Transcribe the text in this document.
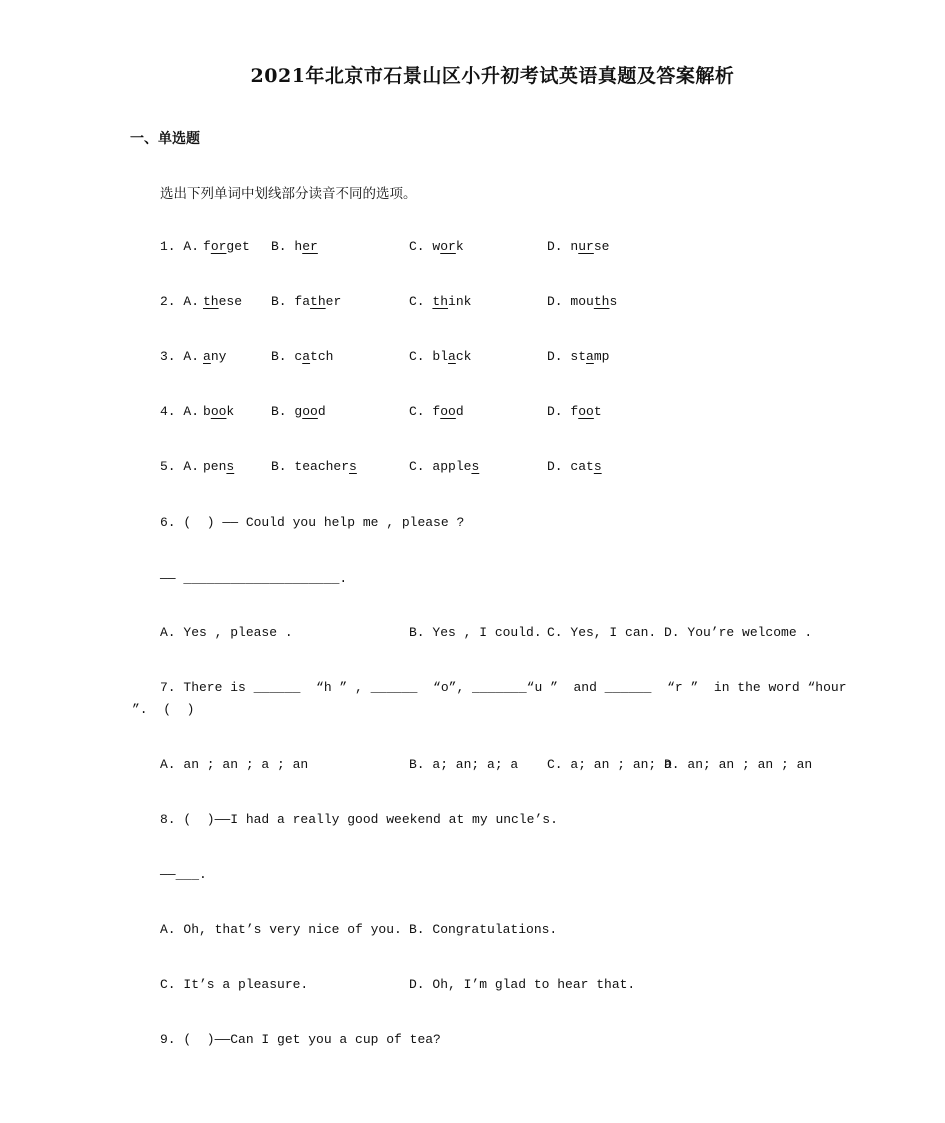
2021年北京市石景山区小升初考试英语真题及答案解析
一、单选题
选出下列单词中划线部分读音不同的选项。
1. A. forget B. her	C. work	D. nurse
2. A. these B. father	C. think	D. mouths
3. A. any	B. catch	C. black	D. stamp
4. A. book	B. good	C. food	D. foot
5. A. pens	B. teachers	C. apples	D. cats
6. (  ) —— Could you help me , please ?
—— ____________________.
A. Yes , please .	B. Yes , I could. C. Yes, I can. D. You’re welcome .
7. There is ______  “h ” , ______  “o”, _______“u ”  and ______  “r ”  in the word “hour
”.  (  )
A. an ; an ; a ; an	B. a; an; a; a C. a; an ; an; a
D. an; an ; an ; an
8. (  )——I had a really good weekend at my uncle’s.
——___.
A. Oh, that’s very nice of you. B. Congratulations.
C. It’s a pleasure.	D. Oh, I’m glad to hear that.
9. (  )——Can I get you a cup of tea?
